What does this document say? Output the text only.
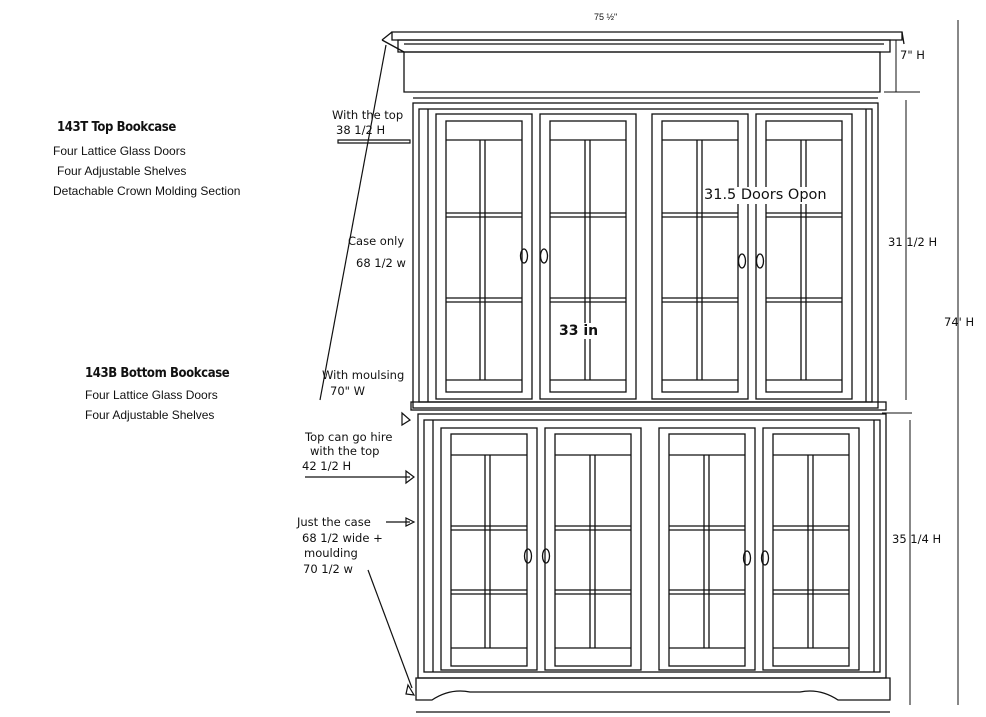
143T Top Bookcase
Four Lattice Glass Doors
Four Adjustable Shelves
Detachable Crown Molding Section
143B Bottom Bookcase
Four Lattice Glass Doors
Four Adjustable Shelves
With the top
38 1/2 H
Case only
68 1/2 w
With moulsing
70" W
Top can go hire
with the top
42 1/2 H
Just the case
68 1/2 wide +
moulding
70 1/2 w
31.5 Doors Opon
33 in
75 ½"
7" H
31 1/2 H
74' H
35 1/4 H
